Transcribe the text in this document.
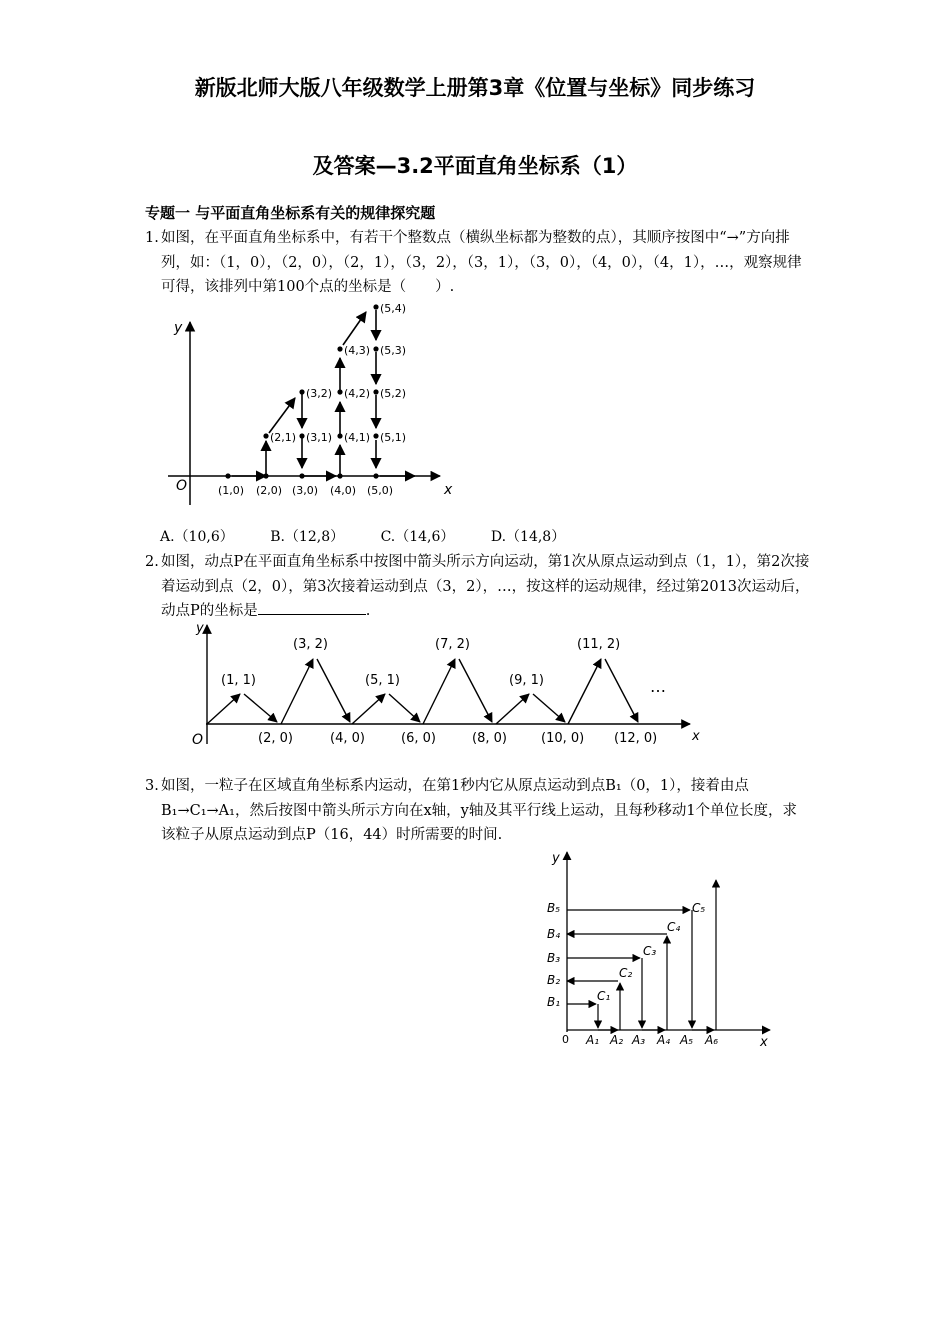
新版北师大版八年级数学上册第3章《位置与坐标》同步练习
及答案—3.2平面直角坐标系（1）
专题一 与平面直角坐标系有关的规律探究题
1. 如图，在平面直角坐标系中，有若干个整数点（横纵坐标都为整数的点），其顺序按图中“→”方向排列，如：（1，0），（2，0），（2，1），（3，2），（3，1），（3，0），（4，0），（4，1），…，观察规律可得，该排列中第100个点的坐标是（　　）.
x
y
O	(1,0) (2,0) (3,0) (4,0) (5,0)
(2,1) (3,1) (4,1) (5,1)
(3,2) (4,2) (5,2)
(4,3) (5,3)
(5,4)
A.（10,6）	B.（12,8）	C.（14,6）	D.（14,8）
2. 如图，动点P在平面直角坐标系中按图中箭头所示方向运动，第1次从原点运动到点（1，1），第2次接着运动到点（2，0），第3次接着运动到点（3，2），…，按这样的运动规律，经过第2013次运动后，动点P的坐标是	.
x
y
O
(1, 1)
(3, 2)
(5, 1)
(7, 2)
(9, 1)
(11, 2)
(2, 0)	(4, 0)	(6, 0)	(8, 0)	(10, 0) (12, 0)
…
3. 如图，一粒子在区域直角坐标系内运动，在第1秒内它从原点运动到点B₁（0，1），接着由点B₁→C₁→A₁，然后按图中箭头所示方向在x轴，y轴及其平行线上运动，且每秒移动1个单位长度，求该粒子从原点运动到点P（16，44）时所需要的时间.
x
y
0
B₁
B₂
B₃
B₄
B₅
C₁
C₂
C₃
C₄
C₅
A₁ A₂ A₃ A₄ A₅ A₆
